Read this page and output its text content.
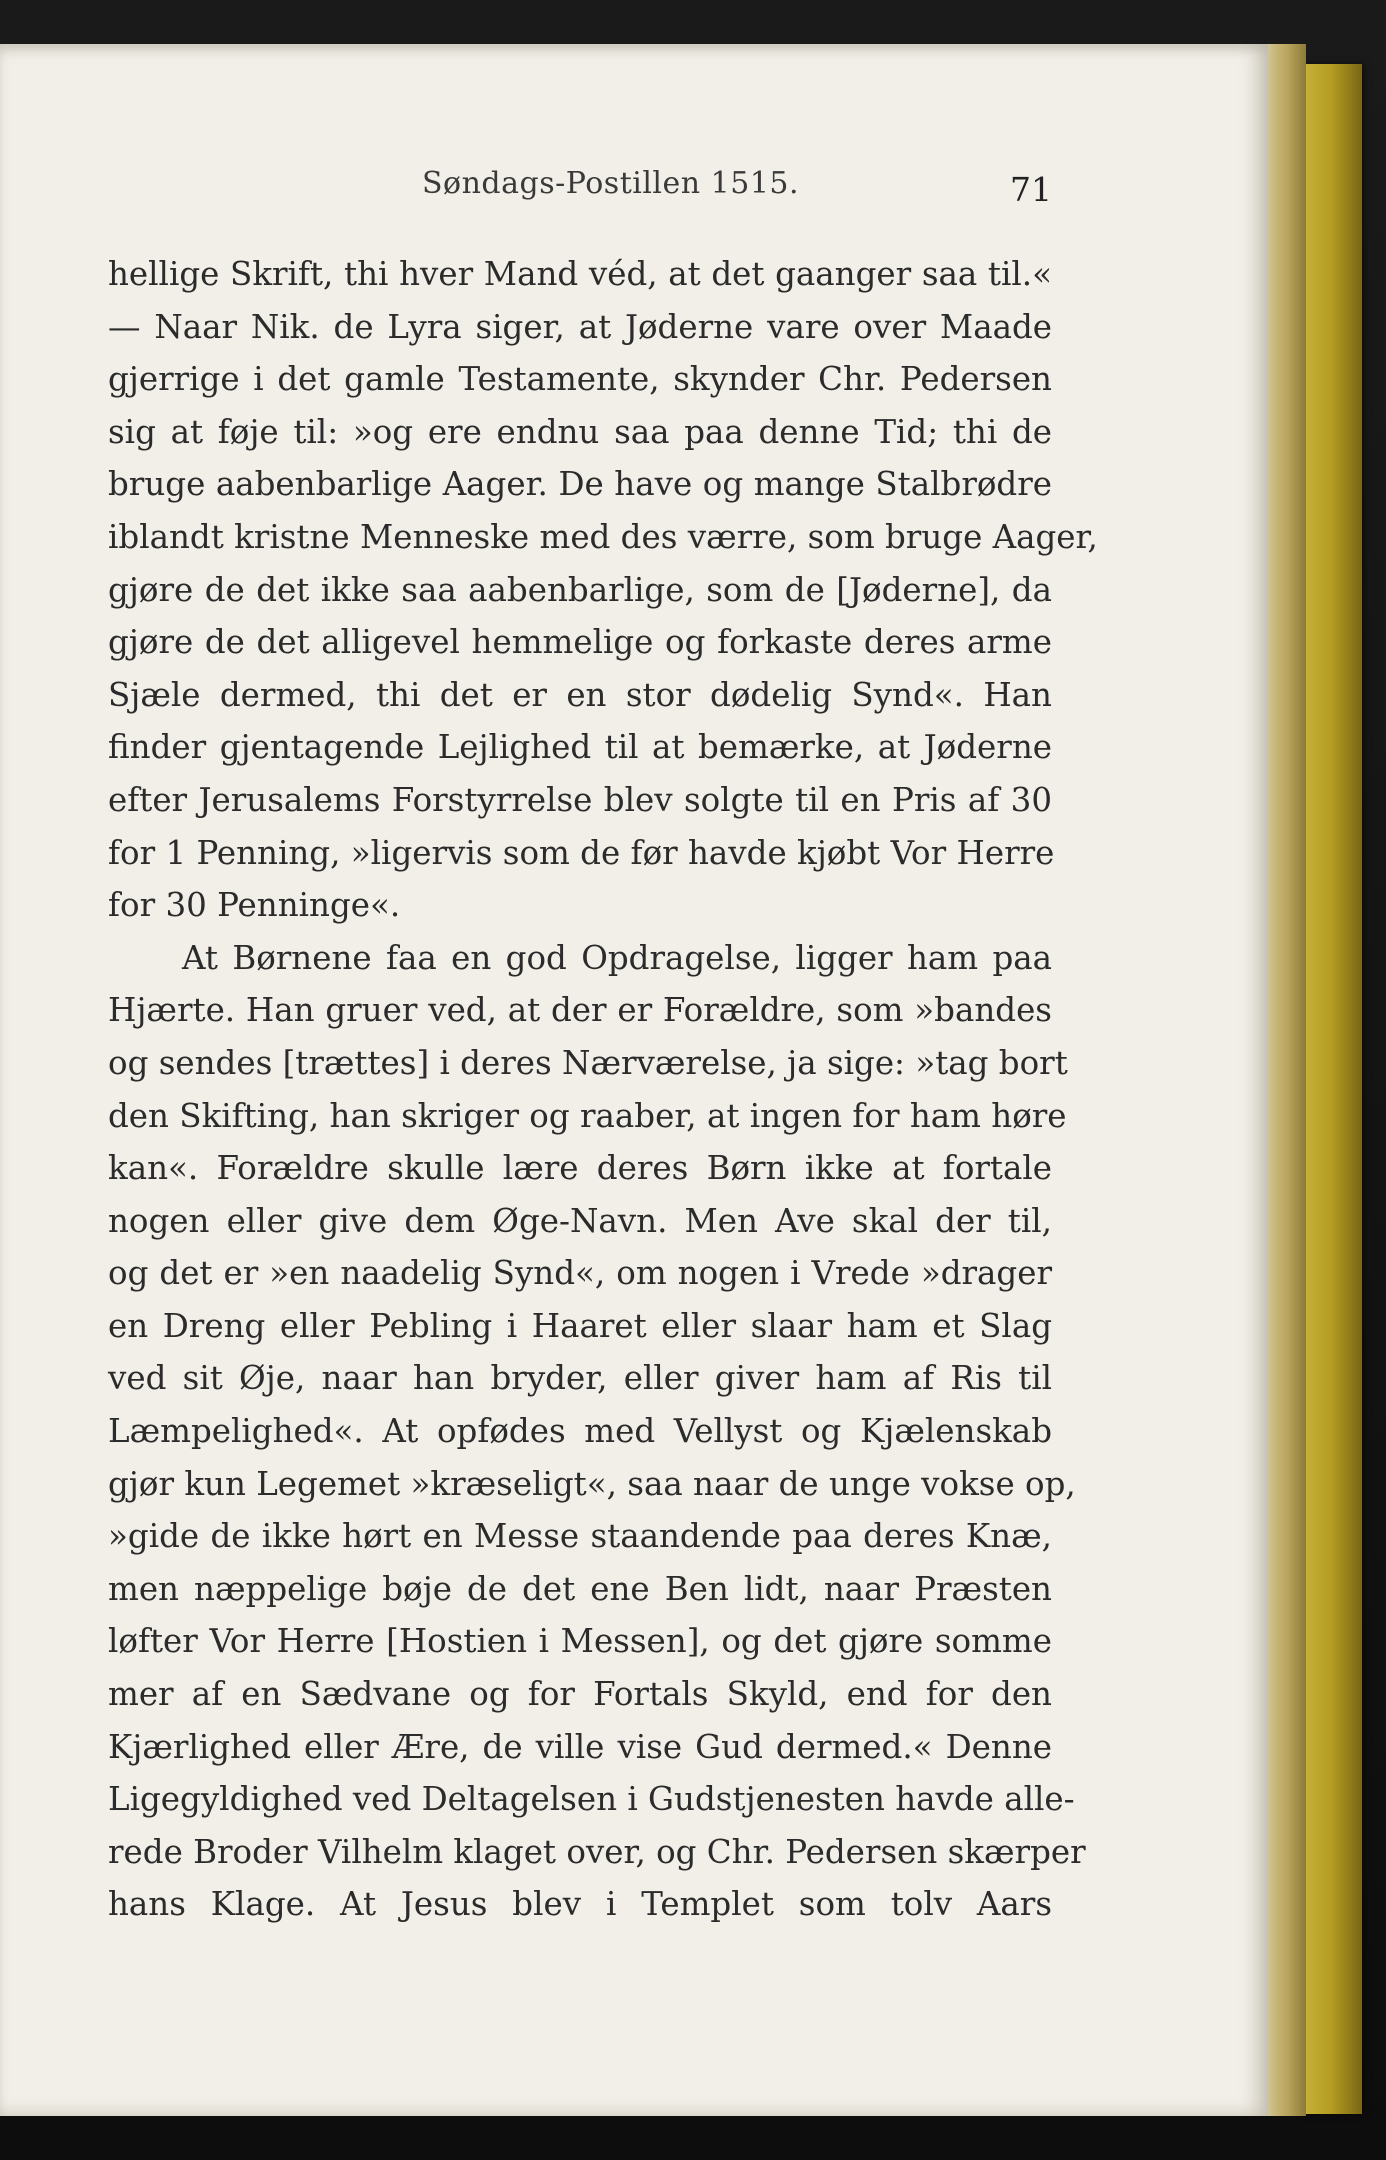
Søndags-Postillen 1515.	71
hellige Skrift, thi hver Mand véd, at det gaanger saa til.«
— Naar Nik. de Lyra siger, at Jøderne vare over Maade
gjerrige i det gamle Testamente, skynder Chr. Pedersen
sig at føje til: »og ere endnu saa paa denne Tid; thi de
bruge aabenbarlige Aager. De have og mange Stalbrødre
iblandt kristne Menneske med des værre, som bruge Aager,
gjøre de det ikke saa aabenbarlige, som de [Jøderne], da
gjøre de det alligevel hemmelige og forkaste deres arme
Sjæle dermed, thi det er en stor dødelig Synd«. Han
finder gjentagende Lejlighed til at bemærke, at Jøderne
efter Jerusalems Forstyrrelse blev solgte til en Pris af 30
for 1 Penning, »ligervis som de før havde kjøbt Vor Herre
for 30 Penninge«.
At Børnene faa en god Opdragelse, ligger ham paa
Hjærte. Han gruer ved, at der er Forældre, som »bandes
og sendes [trættes] i deres Nærværelse, ja sige: »tag bort
den Skifting, han skriger og raaber, at ingen for ham høre
kan«. Forældre skulle lære deres Børn ikke at fortale
nogen eller give dem Øge-Navn. Men Ave skal der til,
og det er »en naadelig Synd«, om nogen i Vrede »drager
en Dreng eller Pebling i Haaret eller slaar ham et Slag
ved sit Øje, naar han bryder, eller giver ham af Ris til
Læmpelighed«. At opfødes med Vellyst og Kjælenskab
gjør kun Legemet »kræseligt«, saa naar de unge vokse op,
»gide de ikke hørt en Messe staandende paa deres Knæ,
men næppelige bøje de det ene Ben lidt, naar Præsten
løfter Vor Herre [Hostien i Messen], og det gjøre somme
mer af en Sædvane og for Fortals Skyld, end for den
Kjærlighed eller Ære, de ville vise Gud dermed.« Denne
Ligegyldighed ved Deltagelsen i Gudstjenesten havde alle-
rede Broder Vilhelm klaget over, og Chr. Pedersen skærper
hans Klage. At Jesus blev i Templet som tolv Aars
